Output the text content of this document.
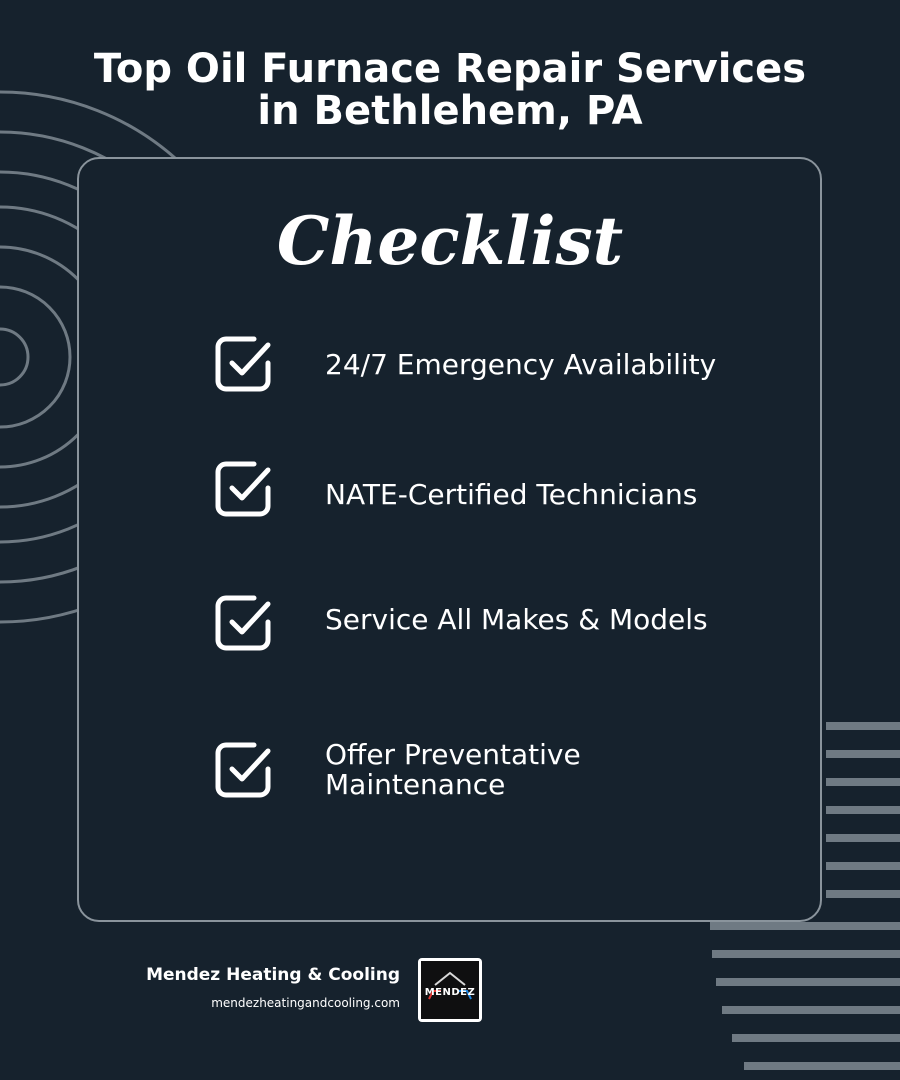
Top Oil Furnace Repair Services
in Bethlehem, PA
Checklist
24/7 Emergency Availability
NATE-Certified Technicians
Service All Makes & Models
Offer Preventative
Maintenance
Mendez Heating & Cooling
mendezheatingandcooling.com
MENDEZ
